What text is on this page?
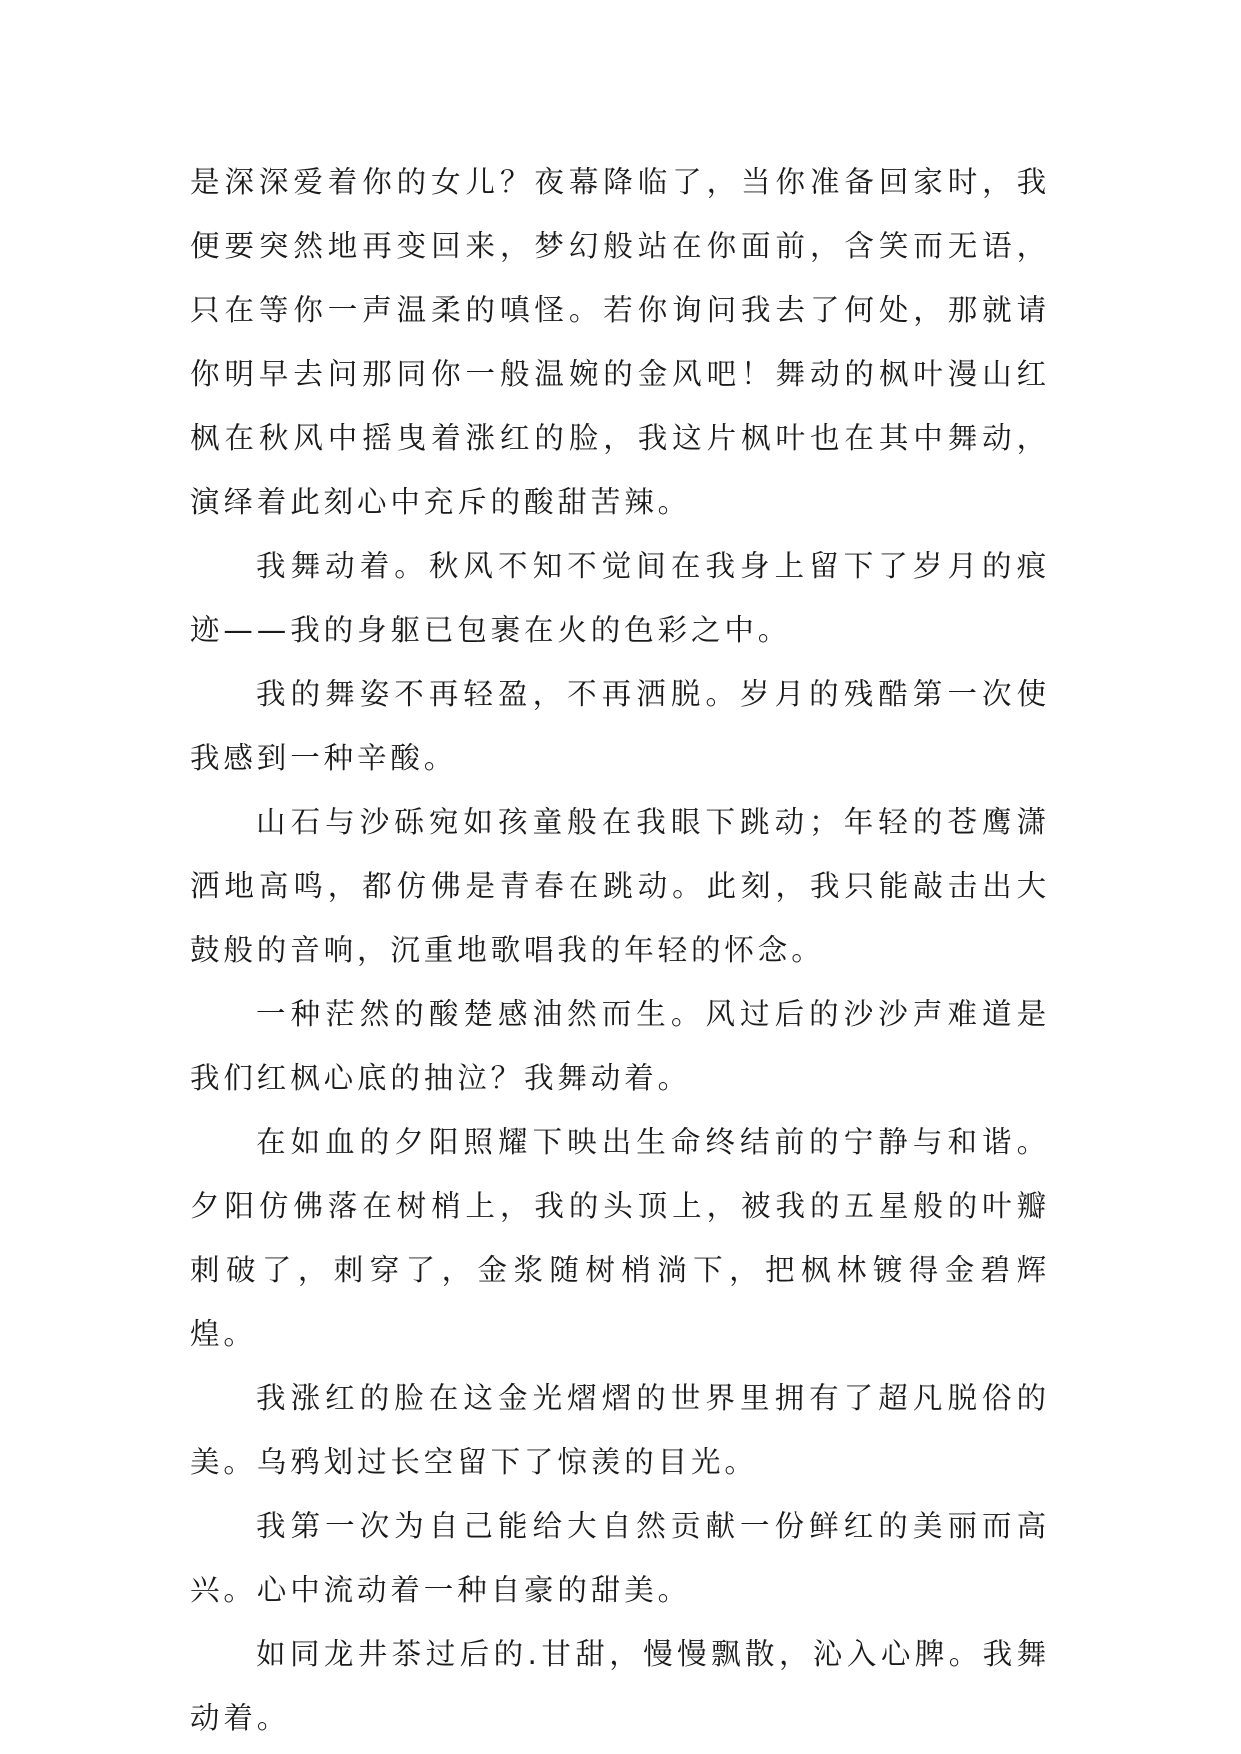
是深深爱着你的女儿？夜幕降临了，当你准备回家时，我便要突然地再变回来，梦幻般站在你面前，含笑而无语，只在等你一声温柔的嗔怪。若你询问我去了何处，那就请你明早去问那同你一般温婉的金风吧！舞动的枫叶漫山红枫在秋风中摇曳着涨红的脸，我这片枫叶也在其中舞动，演绎着此刻心中充斥的酸甜苦辣。

我舞动着。秋风不知不觉间在我身上留下了岁月的痕迹——我的身躯已包裹在火的色彩之中。

我的舞姿不再轻盈，不再洒脱。岁月的残酷第一次使我感到一种辛酸。

山石与沙砾宛如孩童般在我眼下跳动；年轻的苍鹰潇洒地高鸣，都仿佛是青春在跳动。此刻，我只能敲击出大鼓般的音响，沉重地歌唱我的年轻的怀念。

一种茫然的酸楚感油然而生。风过后的沙沙声难道是我们红枫心底的抽泣？我舞动着。

在如血的夕阳照耀下映出生命终结前的宁静与和谐。夕阳仿佛落在树梢上，我的头顶上，被我的五星般的叶瓣刺破了，刺穿了，金浆随树梢淌下，把枫林镀得金碧辉煌。

我涨红的脸在这金光熠熠的世界里拥有了超凡脱俗的美。乌鸦划过长空留下了惊羡的目光。

我第一次为自己能给大自然贡献一份鲜红的美丽而高兴。心中流动着一种自豪的甜美。

如同龙井茶过后的.甘甜，慢慢飘散，沁入心脾。我舞动着。
